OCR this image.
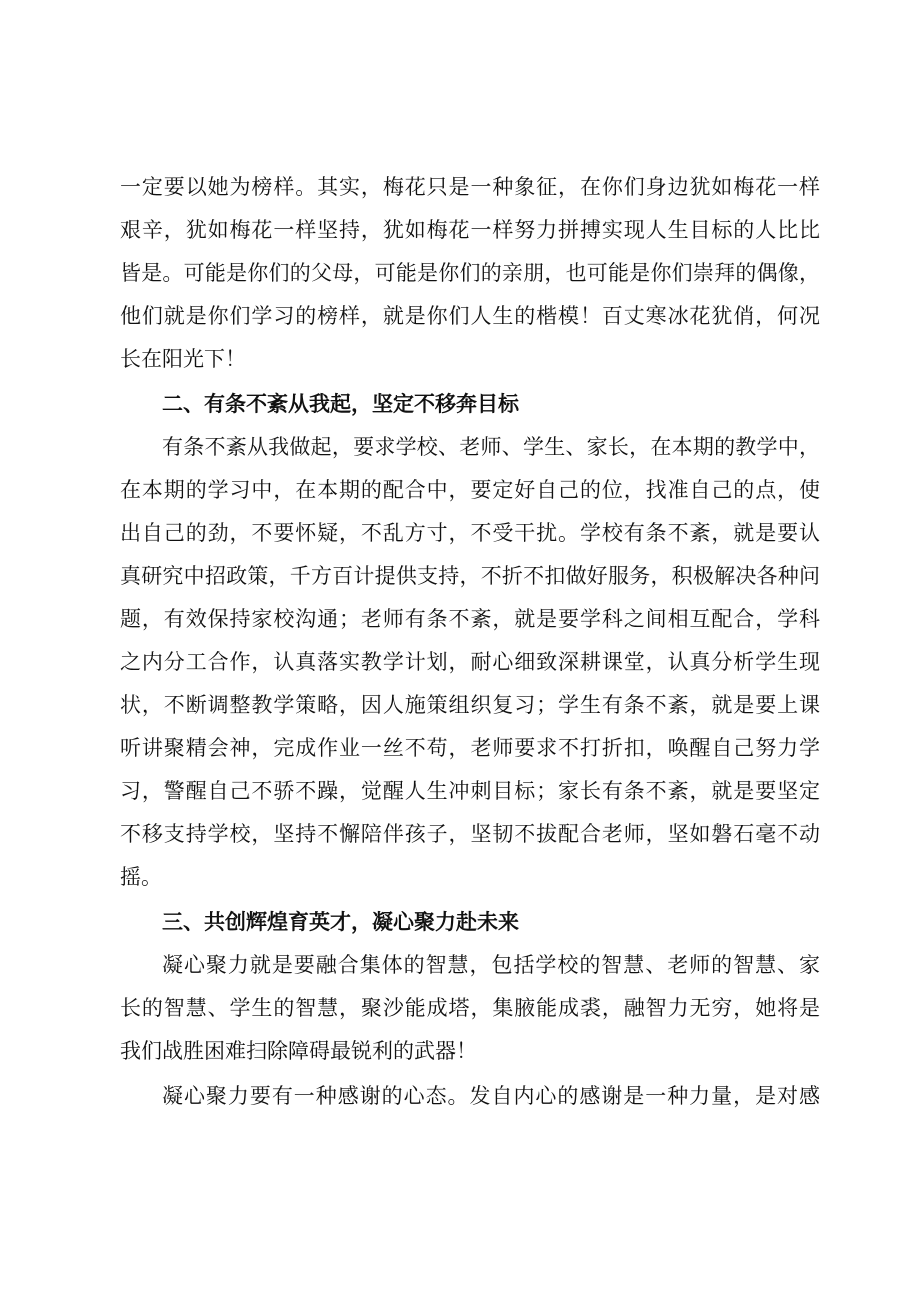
一定要以她为榜样。其实，梅花只是一种象征，在你们身边犹如梅花一样
艰辛，犹如梅花一样坚持，犹如梅花一样努力拼搏实现人生目标的人比比
皆是。可能是你们的父母，可能是你们的亲朋，也可能是你们崇拜的偶像，
他们就是你们学习的榜样，就是你们人生的楷模！百丈寒冰花犹俏，何况
长在阳光下！
二、有条不紊从我起，坚定不移奔目标
有条不紊从我做起，要求学校、老师、学生、家长，在本期的教学中，
在本期的学习中，在本期的配合中，要定好自己的位，找准自己的点，使
出自己的劲，不要怀疑，不乱方寸，不受干扰。学校有条不紊，就是要认
真研究中招政策，千方百计提供支持，不折不扣做好服务，积极解决各种问
题，有效保持家校沟通；老师有条不紊，就是要学科之间相互配合，学科
之内分工合作，认真落实教学计划，耐心细致深耕课堂，认真分析学生现
状，不断调整教学策略，因人施策组织复习；学生有条不紊，就是要上课
听讲聚精会神，完成作业一丝不苟，老师要求不打折扣，唤醒自己努力学
习，警醒自己不骄不躁，觉醒人生冲刺目标；家长有条不紊，就是要坚定
不移支持学校，坚持不懈陪伴孩子，坚韧不拔配合老师，坚如磐石毫不动
摇。
三、共创辉煌育英才，凝心聚力赴未来
凝心聚力就是要融合集体的智慧，包括学校的智慧、老师的智慧、家
长的智慧、学生的智慧，聚沙能成塔，集腋能成裘，融智力无穷，她将是
我们战胜困难扫除障碍最锐利的武器！
凝心聚力要有一种感谢的心态。发自内心的感谢是一种力量，是对感
